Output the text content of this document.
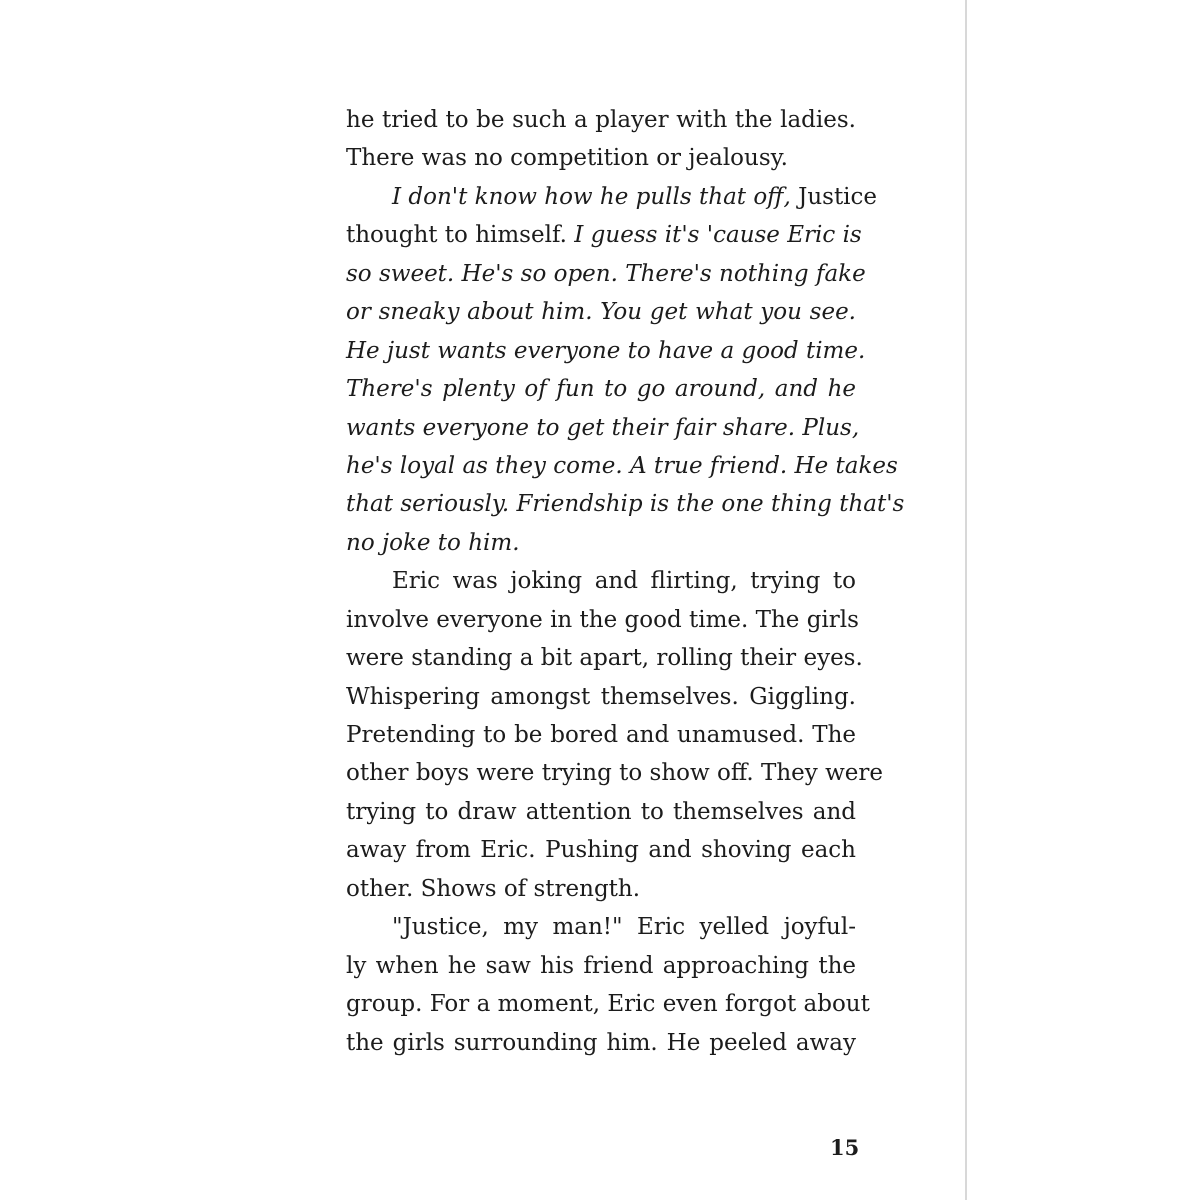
he tried to be such a player with the ladies.
There was no competition or jealousy.
I don't know how he pulls that off, Justice
thought to himself. I guess it's 'cause Eric is
so sweet. He's so open. There's nothing fake
or sneaky about him. You get what you see.
He just wants everyone to have a good time.
There's plenty of fun to go around, and he
wants everyone to get their fair share. Plus,
he's loyal as they come. A true friend. He takes
that seriously. Friendship is the one thing that's
no joke to him.
Eric was joking and flirting, trying to
involve everyone in the good time. The girls
were standing a bit apart, rolling their eyes.
Whispering amongst themselves. Giggling.
Pretending to be bored and unamused. The
other boys were trying to show off. They were
trying to draw attention to themselves and
away from Eric. Pushing and shoving each
other. Shows of strength.
"Justice, my man!" Eric yelled joyful-
ly when he saw his friend approaching the
group. For a moment, Eric even forgot about
the girls surrounding him. He peeled away
15
